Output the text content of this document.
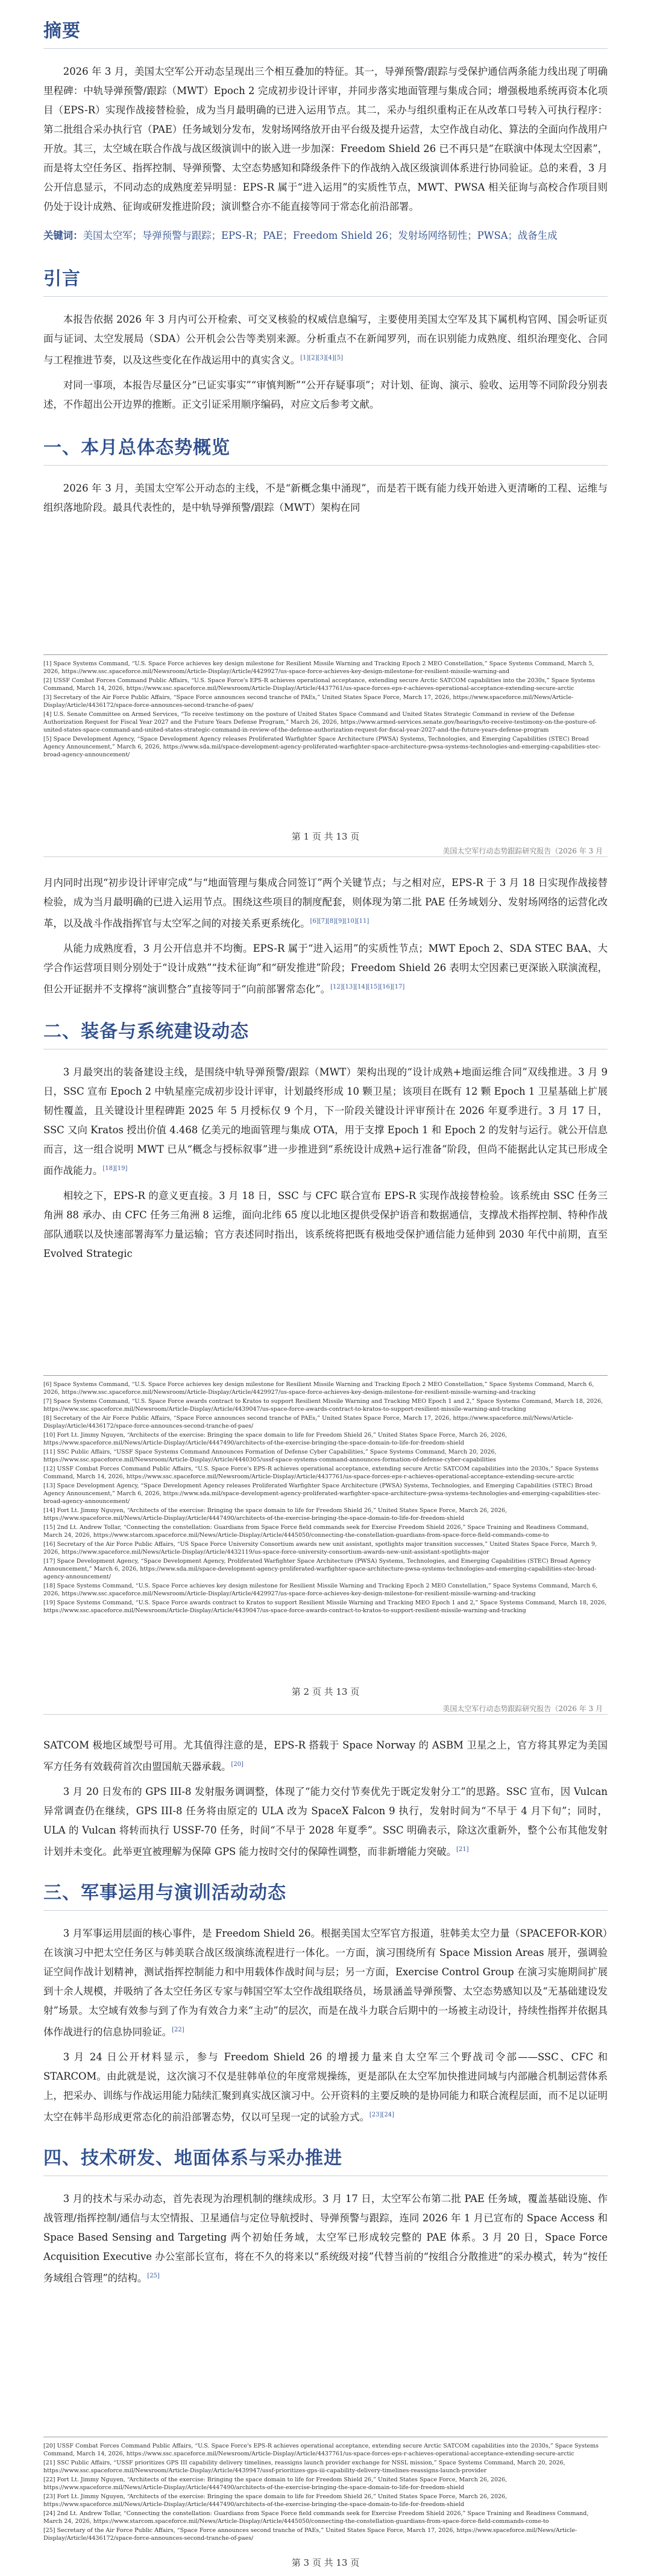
摘要

2026 年 3 月，美国太空军公开动态呈现出三个相互叠加的特征。其一，导弹预警/跟踪与受保护通信两条能力线出现了明确里程碑：中轨导弹预警/跟踪（MWT）Epoch 2 完成初步设计评审，并同步落实地面管理与集成合同；增强极地系统再资本化项目（EPS-R）实现作战接替检验，成为当月最明确的已进入运用节点。其二，采办与组织重构正在从改革口号转入可执行程序：第二批组合采办执行官（PAE）任务域划分发布，发射场网络放开由平台级及提升运营，太空作战自动化、算法的全面向作战用户开放。其三，太空域在联合作战与战区级演训中的嵌入进一步加深：Freedom Shield 26 已不再只是“在联演中体现太空因素”，而是将太空任务区、指挥控制、导弹预警、太空态势感知和降级条件下的作战纳入战区级演训体系进行协同验证。总的来看，3 月公开信息显示，不同动态的成熟度差异明显：EPS-R 属于“进入运用”的实质性节点，MWT、PWSA 相关征询与高校合作项目则仍处于设计成熟、征询或研发推进阶段；演训整合亦不能直接等同于常态化前沿部署。

关键词：美国太空军；导弹预警与跟踪；EPS-R；PAE；Freedom Shield 26；发射场网络韧性；PWSA；战备生成

引言

本报告依据 2026 年 3 月内可公开检索、可交叉核验的权威信息编写，主要使用美国太空军及其下属机构官网、国会听证页面与证词、太空发展局（SDA）公开机会公告等类别来源。分析重点不在新闻罗列，而在识别能力成熟度、组织治理变化、合同与工程推进节奏，以及这些变化在作战运用中的真实含义。[1][2][3][4][5]

对同一事项，本报告尽量区分“已证实事实”“审慎判断”“公开存疑事项”；对计划、征询、演示、验收、运用等不同阶段分别表述，不作超出公开边界的推断。正文引证采用顺序编码，对应文后参考文献。

一、本月总体态势概览

2026 年 3 月，美国太空军公开动态的主线，不是“新概念集中涌现”，而是若干既有能力线开始进入更清晰的工程、运维与组织落地阶段。最具代表性的，是中轨导弹预警/跟踪（MWT）架构在同

[1] Space Systems Command, “U.S. Space Force achieves key design milestone for Resilient Missile Warning and Tracking Epoch 2 MEO Constellation,” Space Systems Command, March 5, 2026, https://www.ssc.spaceforce.mil/Newsroom/Article-Display/Article/4429927/us-space-force-achieves-key-design-milestone-for-resilient-missile-warning-and
[2] USSF Combat Forces Command Public Affairs, “U.S. Space Force's EPS-R achieves operational acceptance, extending secure Arctic SATCOM capabilities into the 2030s,” Space Systems Command, March 14, 2026, https://www.ssc.spaceforce.mil/Newsroom/Article-Display/Article/4437761/us-space-forces-eps-r-achieves-operational-acceptance-extending-secure-arctic
[3] Secretary of the Air Force Public Affairs, “Space Force announces second tranche of PAEs,” United States Space Force, March 17, 2026, https://www.spaceforce.mil/News/Article-Display/Article/4436172/space-force-announces-second-tranche-of-paes/
[4] U.S. Senate Committee on Armed Services, “To receive testimony on the posture of United States Space Command and United States Strategic Command in review of the Defense Authorization Request for Fiscal Year 2027 and the Future Years Defense Program,” March 26, 2026, https://www.armed-services.senate.gov/hearings/to-receive-testimony-on-the-posture-of-united-states-space-command-and-united-states-strategic-command-in-review-of-the-defense-authorization-request-for-fiscal-year-2027-and-the-future-years-defense-program
[5] Space Development Agency, “Space Development Agency releases Proliferated Warfighter Space Architecture (PWSA) Systems, Technologies, and Emerging Capabilities (STEC) Broad Agency Announcement,” March 6, 2026, https://www.sda.mil/space-development-agency-proliferated-warfighter-space-architecture-pwsa-systems-technologies-and-emerging-capabilities-stec-broad-agency-announcement/
第 1 页 共 13 页
美国太空军行动态势跟踪研究报告（2026 年 3 月

月内同时出现“初步设计评审完成”与“地面管理与集成合同签订”两个关键节点；与之相对应，EPS-R 于 3 月 18 日实现作战接替检验，成为当月最明确的已进入运用节点。围绕这些项目的制度配套，则体现为第二批 PAE 任务域划分、发射场网络的运营化改革，以及战斗作战指挥官与太空军之间的对接关系更系统化。[6][7][8][9][10][11]

从能力成熟度看，3 月公开信息并不均衡。EPS-R 属于“进入运用”的实质性节点；MWT Epoch 2、SDA STEC BAA、大学合作运营项目则分别处于“设计成熟”“技术征询”和“研发推进”阶段；Freedom Shield 26 表明太空因素已更深嵌入联演流程，但公开证据并不支撑将“演训整合”直接等同于“向前部署常态化”。[12][13][14][15][16][17]

二、装备与系统建设动态

3 月最突出的装备建设主线，是围绕中轨导弹预警/跟踪（MWT）架构出现的“设计成熟+地面运维合同”双线推进。3 月 9 日，SSC 宣布 Epoch 2 中轨星座完成初步设计评审，计划最终形成 10 颗卫星；该项目在既有 12 颗 Epoch 1 卫星基础上扩展韧性覆盖，且关键设计里程碑距 2025 年 5 月授标仅 9 个月，下一阶段关键设计评审预计在 2026 年夏季进行。3 月 17 日，SSC 又向 Kratos 授出价值 4.468 亿美元的地面管理与集成 OTA，用于支撑 Epoch 1 和 Epoch 2 的发射与运行。就公开信息而言，这一组合说明 MWT 已从“概念与授标叙事”进一步推进到“系统设计成熟+运行准备”阶段，但尚不能据此认定其已形成全面作战能力。[18][19]

相较之下，EPS-R 的意义更直接。3 月 18 日，SSC 与 CFC 联合宣布 EPS-R 实现作战接替检验。该系统由 SSC 任务三角洲 88 承办、由 CFC 任务三角洲 8 运维，面向北纬 65 度以北地区提供受保护语音和数据通信，支撑战术指挥控制、特种作战部队通联以及快速部署海军力量运输；官方表述同时指出，该系统将把既有极地受保护通信能力延伸到 2030 年代中前期，直至 Evolved Strategic

[6] Space Systems Command, “U.S. Space Force achieves key design milestone for Resilient Missile Warning and Tracking Epoch 2 MEO Constellation,” Space Systems Command, March 6, 2026, https://www.ssc.spaceforce.mil/Newsroom/Article-Display/Article/4429927/us-space-force-achieves-key-design-milestone-for-resilient-missile-warning-and-tracking
[7] Space Systems Command, “U.S. Space Force awards contract to Kratos to support Resilient Missile Warning and Tracking MEO Epoch 1 and 2,” Space Systems Command, March 18, 2026, https://www.ssc.spaceforce.mil/Newsroom/Article-Display/Article/4439047/us-space-force-awards-contract-to-kratos-to-support-resilient-missile-warning-and-tracking
[8] Secretary of the Air Force Public Affairs, “Space Force announces second tranche of PAEs,” United States Space Force, March 17, 2026, https://www.spaceforce.mil/News/Article-Display/Article/4436172/space-force-announces-second-tranche-of-paes/
[10] Fort Lt. Jimmy Nguyen, “Architects of the exercise: Bringing the space domain to life for Freedom Shield 26,” United States Space Force, March 26, 2026, https://www.spaceforce.mil/News/Article-Display/Article/4447490/architects-of-the-exercise-bringing-the-space-domain-to-life-for-freedom-shield
[11] SSC Public Affairs, “USSF Space Systems Command Announces Formation of Defense Cyber Capabilities,” Space Systems Command, March 20, 2026, https://www.ssc.spaceforce.mil/Newsroom/Article-Display/Article/4440305/ussf-space-systems-command-announces-formation-of-defense-cyber-capabilities
[12] USSF Combat Forces Command Public Affairs, “U.S. Space Force's EPS-R achieves operational acceptance, extending secure Arctic SATCOM capabilities into the 2030s,” Space Systems Command, March 14, 2026, https://www.ssc.spaceforce.mil/Newsroom/Article-Display/Article/4437761/us-space-forces-eps-r-achieves-operational-acceptance-extending-secure-arctic
[13] Space Development Agency, “Space Development Agency releases Proliferated Warfighter Space Architecture (PWSA) Systems, Technologies, and Emerging Capabilities (STEC) Broad Agency Announcement,” March 6, 2026, https://www.sda.mil/space-development-agency-proliferated-warfighter-space-architecture-pwsa-systems-technologies-and-emerging-capabilities-stec-broad-agency-announcement/
[14] Fort Lt. Jimmy Nguyen, “Architects of the exercise: Bringing the space domain to life for Freedom Shield 26,” United States Space Force, March 26, 2026, https://www.spaceforce.mil/News/Article-Display/Article/4447490/architects-of-the-exercise-bringing-the-space-domain-to-life-for-freedom-shield
[15] 2nd Lt. Andrew Tollar, “Connecting the constellation: Guardians from Space Force field commands seek for Exercise Freedom Shield 2026,” Space Training and Readiness Command, March 24, 2026, https://www.starcom.spaceforce.mil/News/Article-Display/Article/4445050/connecting-the-constellation-guardians-from-space-force-field-commands-come-to
[16] Secretary of the Air Force Public Affairs, “US Space Force University Consortium awards new unit assistant, spotlights major transition successes,” United States Space Force, March 9, 2026, https://www.spaceforce.mil/News/Article-Display/Article/4432119/us-space-force-university-consortium-awards-new-unit-assistant-spotlights-major
[17] Space Development Agency, “Space Development Agency, Proliferated Warfighter Space Architecture (PWSA) Systems, Technologies, and Emerging Capabilities (STEC) Broad Agency Announcement,” March 6, 2026, https://www.sda.mil/space-development-agency-proliferated-warfighter-space-architecture-pwsa-systems-technologies-and-emerging-capabilities-stec-broad-agency-announcement/
[18] Space Systems Command, “U.S. Space Force achieves key design milestone for Resilient Missile Warning and Tracking Epoch 2 MEO Constellation,” Space Systems Command, March 6, 2026, https://www.ssc.spaceforce.mil/Newsroom/Article-Display/Article/4429927/us-space-force-achieves-key-design-milestone-for-resilient-missile-warning-and-tracking
[19] Space Systems Command, “U.S. Space Force awards contract to Kratos to support Resilient Missile Warning and Tracking MEO Epoch 1 and 2,” Space Systems Command, March 18, 2026, https://www.ssc.spaceforce.mil/Newsroom/Article-Display/Article/4439047/us-space-force-awards-contract-to-kratos-to-support-resilient-missile-warning-and-tracking
第 2 页 共 13 页
美国太空军行动态势跟踪研究报告（2026 年 3 月

SATCOM 极地区域型号可用。尤其值得注意的是，EPS-R 搭载于 Space Norway 的 ASBM 卫星之上，官方将其界定为美国军方任务有效载荷首次由盟国航天器承载。[20]

3 月 20 日发布的 GPS III-8 发射服务调调整，体现了“能力交付节奏优先于既定发射分工”的思路。SSC 宣布，因 Vulcan 异常调查仍在继续，GPS III-8 任务将由原定的 ULA 改为 SpaceX Falcon 9 执行，发射时间为“不早于 4 月下旬”；同时，ULA 的 Vulcan 将转而执行 USSF-70 任务，时间“不早于 2028 年夏季”。SSC 明确表示，除这次重新外，整个公布其他发射计划并未变化。此举更宜被理解为保障 GPS 能力按时交付的保障性调整，而非新增能力突破。[21]

三、军事运用与演训活动动态

3 月军事运用层面的核心事件，是 Freedom Shield 26。根据美国太空军官方报道，驻韩美太空力量（SPACEFOR-KOR）在该演习中把太空任务区与韩美联合战区级演练流程进行一体化。一方面，演习围绕所有 Space Mission Areas 展开，强调验证空间作战计划精神，测试指挥控制能力和中用载体作战时间与层；另一方面，Exercise Control Group 在演习实施期间扩展到十余人规模，并吸纳了各太空任务区专家与韩国空军太空作战组联络员，场景涵盖导弹预警、太空态势感知以及“无基础建设发射”场景。太空域有效参与到了作为有效合力来“主动”的层次，而是在战斗力联合后期中的一场被主动设计，持续性指挥并依据具体作战进行的信息协同验证。[22]

3 月 24 日公开材料显示，参与 Freedom Shield 26 的增援力量来自太空军三个野战司令部——SSC、CFC 和 STARCOM。由此就是说，这次演习不仅是驻韩单位的年度常规操练，更是部队在太空军加快推进同域与内部融合机制运营体系上，把采办、训练与作战运用能力陆续汇聚到真实战区演习中。公开资料的主要反映的是协同能力和联合流程层面，而不足以证明太空在韩半岛形成更常态化的前沿部署态势，仅以可呈现一定的试验方式。[23][24]

四、技术研发、地面体系与采办推进

3 月的技术与采办动态，首先表现为治理机制的继续成形。3 月 17 日，太空军公布第二批 PAE 任务域，覆盖基础设施、作战管理/指挥控制/通信与太空情报、卫星通信与定位导航授时、导弹预警与跟踪，连同 2026 年 1 月已宣布的 Space Access 和 Space Based Sensing and Targeting 两个初始任务域，太空军已形成较完整的 PAE 体系。3 月 20 日，Space Force Acquisition Executive 办公室部长宣布，将在不久的将来以“系统级对接”代替当前的“按组合分散推进”的采办模式，转为“按任务域组合管理”的结构。[25]

[20] USSF Combat Forces Command Public Affairs, “U.S. Space Force's EPS-R achieves operational acceptance, extending secure Arctic SATCOM capabilities into the 2030s,” Space Systems Command, March 14, 2026, https://www.ssc.spaceforce.mil/Newsroom/Article-Display/Article/4437761/us-space-forces-eps-r-achieves-operational-acceptance-extending-secure-arctic
[21] SSC Public Affairs, “USSF prioritizes GPS III capability delivery timelines, reassigns launch provider exchange for NSSL mission,” Space Systems Command, March 20, 2026, https://www.ssc.spaceforce.mil/Newsroom/Article-Display/Article/4439947/ussf-prioritizes-gps-iii-capability-delivery-timelines-reassigns-launch-provider
[22] Fort Lt. Jimmy Nguyen, “Architects of the exercise: Bringing the space domain to life for Freedom Shield 26,” United States Space Force, March 26, 2026, https://www.spaceforce.mil/News/Article-Display/Article/4447490/architects-of-the-exercise-bringing-the-space-domain-to-life-for-freedom-shield
[23] Fort Lt. Jimmy Nguyen, “Architects of the exercise: Bringing the space domain to life for Freedom Shield 26,” United States Space Force, March 26, 2026, https://www.spaceforce.mil/News/Article-Display/Article/4447490/architects-of-the-exercise-bringing-the-space-domain-to-life-for-freedom-shield
[24] 2nd Lt. Andrew Tollar, “Connecting the constellation: Guardians from Space Force field commands seek for Exercise Freedom Shield 2026,” Space Training and Readiness Command, March 24, 2026, https://www.starcom.spaceforce.mil/News/Article-Display/Article/4445050/connecting-the-constellation-guardians-from-space-force-field-commands-come-to
[25] Secretary of the Air Force Public Affairs, “Space Force announces second tranche of PAEs,” United States Space Force, March 17, 2026, https://www.spaceforce.mil/News/Article-Display/Article/4436172/space-force-announces-second-tranche-of-paes/
第 3 页 共 13 页
